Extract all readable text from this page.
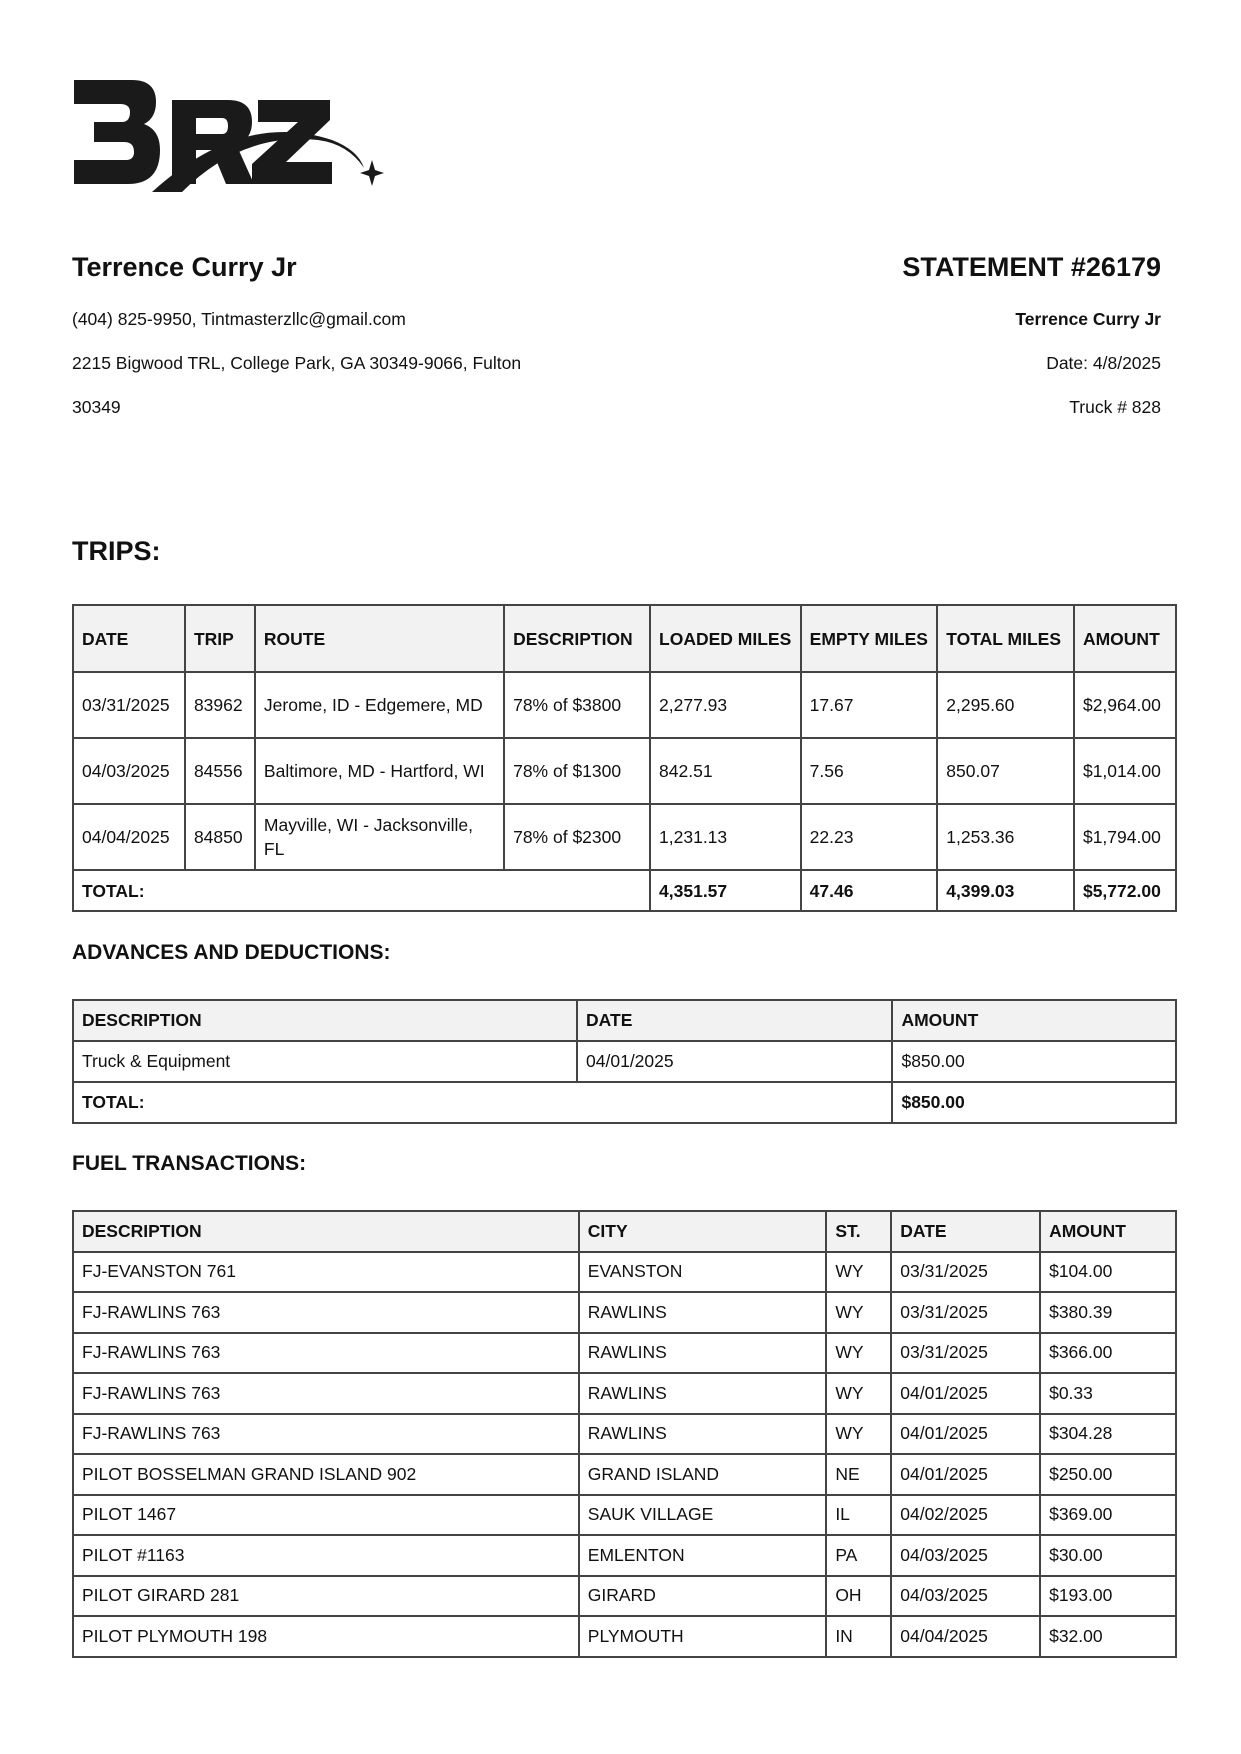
Terrence Curry Jr
(404) 825-9950, Tintmasterzllc@gmail.com
2215 Bigwood TRL, College Park, GA 30349-9066, Fulton
30349
STATEMENT #26179
Terrence Curry Jr
Date: 4/8/2025
Truck # 828
TRIPS:
DATE	TRIP	ROUTE	DESCRIPTION	LOADED MILES	EMPTY MILES	TOTAL MILES	AMOUNT
03/31/2025	83962	Jerome, ID - Edgemere, MD	78% of $3800	2,277.93	17.67	2,295.60	$2,964.00
04/03/2025	84556	Baltimore, MD - Hartford, WI	78% of $1300	842.51	7.56	850.07	$1,014.00
04/04/2025	84850	Mayville, WI - Jacksonville, FL	78% of $2300	1,231.13	22.23	1,253.36	$1,794.00
TOTAL:				4,351.57	47.46	4,399.03	$5,772.00
ADVANCES AND DEDUCTIONS:
DESCRIPTION	DATE	AMOUNT
Truck & Equipment	04/01/2025	$850.00
TOTAL:		$850.00
FUEL TRANSACTIONS:
DESCRIPTION	CITY	ST.	DATE	AMOUNT
FJ-EVANSTON 761	EVANSTON	WY	03/31/2025	$104.00
FJ-RAWLINS 763	RAWLINS	WY	03/31/2025	$380.39
FJ-RAWLINS 763	RAWLINS	WY	03/31/2025	$366.00
FJ-RAWLINS 763	RAWLINS	WY	04/01/2025	$0.33
FJ-RAWLINS 763	RAWLINS	WY	04/01/2025	$304.28
PILOT BOSSELMAN GRAND ISLAND 902	GRAND ISLAND	NE	04/01/2025	$250.00
PILOT 1467	SAUK VILLAGE	IL	04/02/2025	$369.00
PILOT #1163	EMLENTON	PA	04/03/2025	$30.00
PILOT GIRARD 281	GIRARD	OH	04/03/2025	$193.00
PILOT PLYMOUTH 198	PLYMOUTH	IN	04/04/2025	$32.00
